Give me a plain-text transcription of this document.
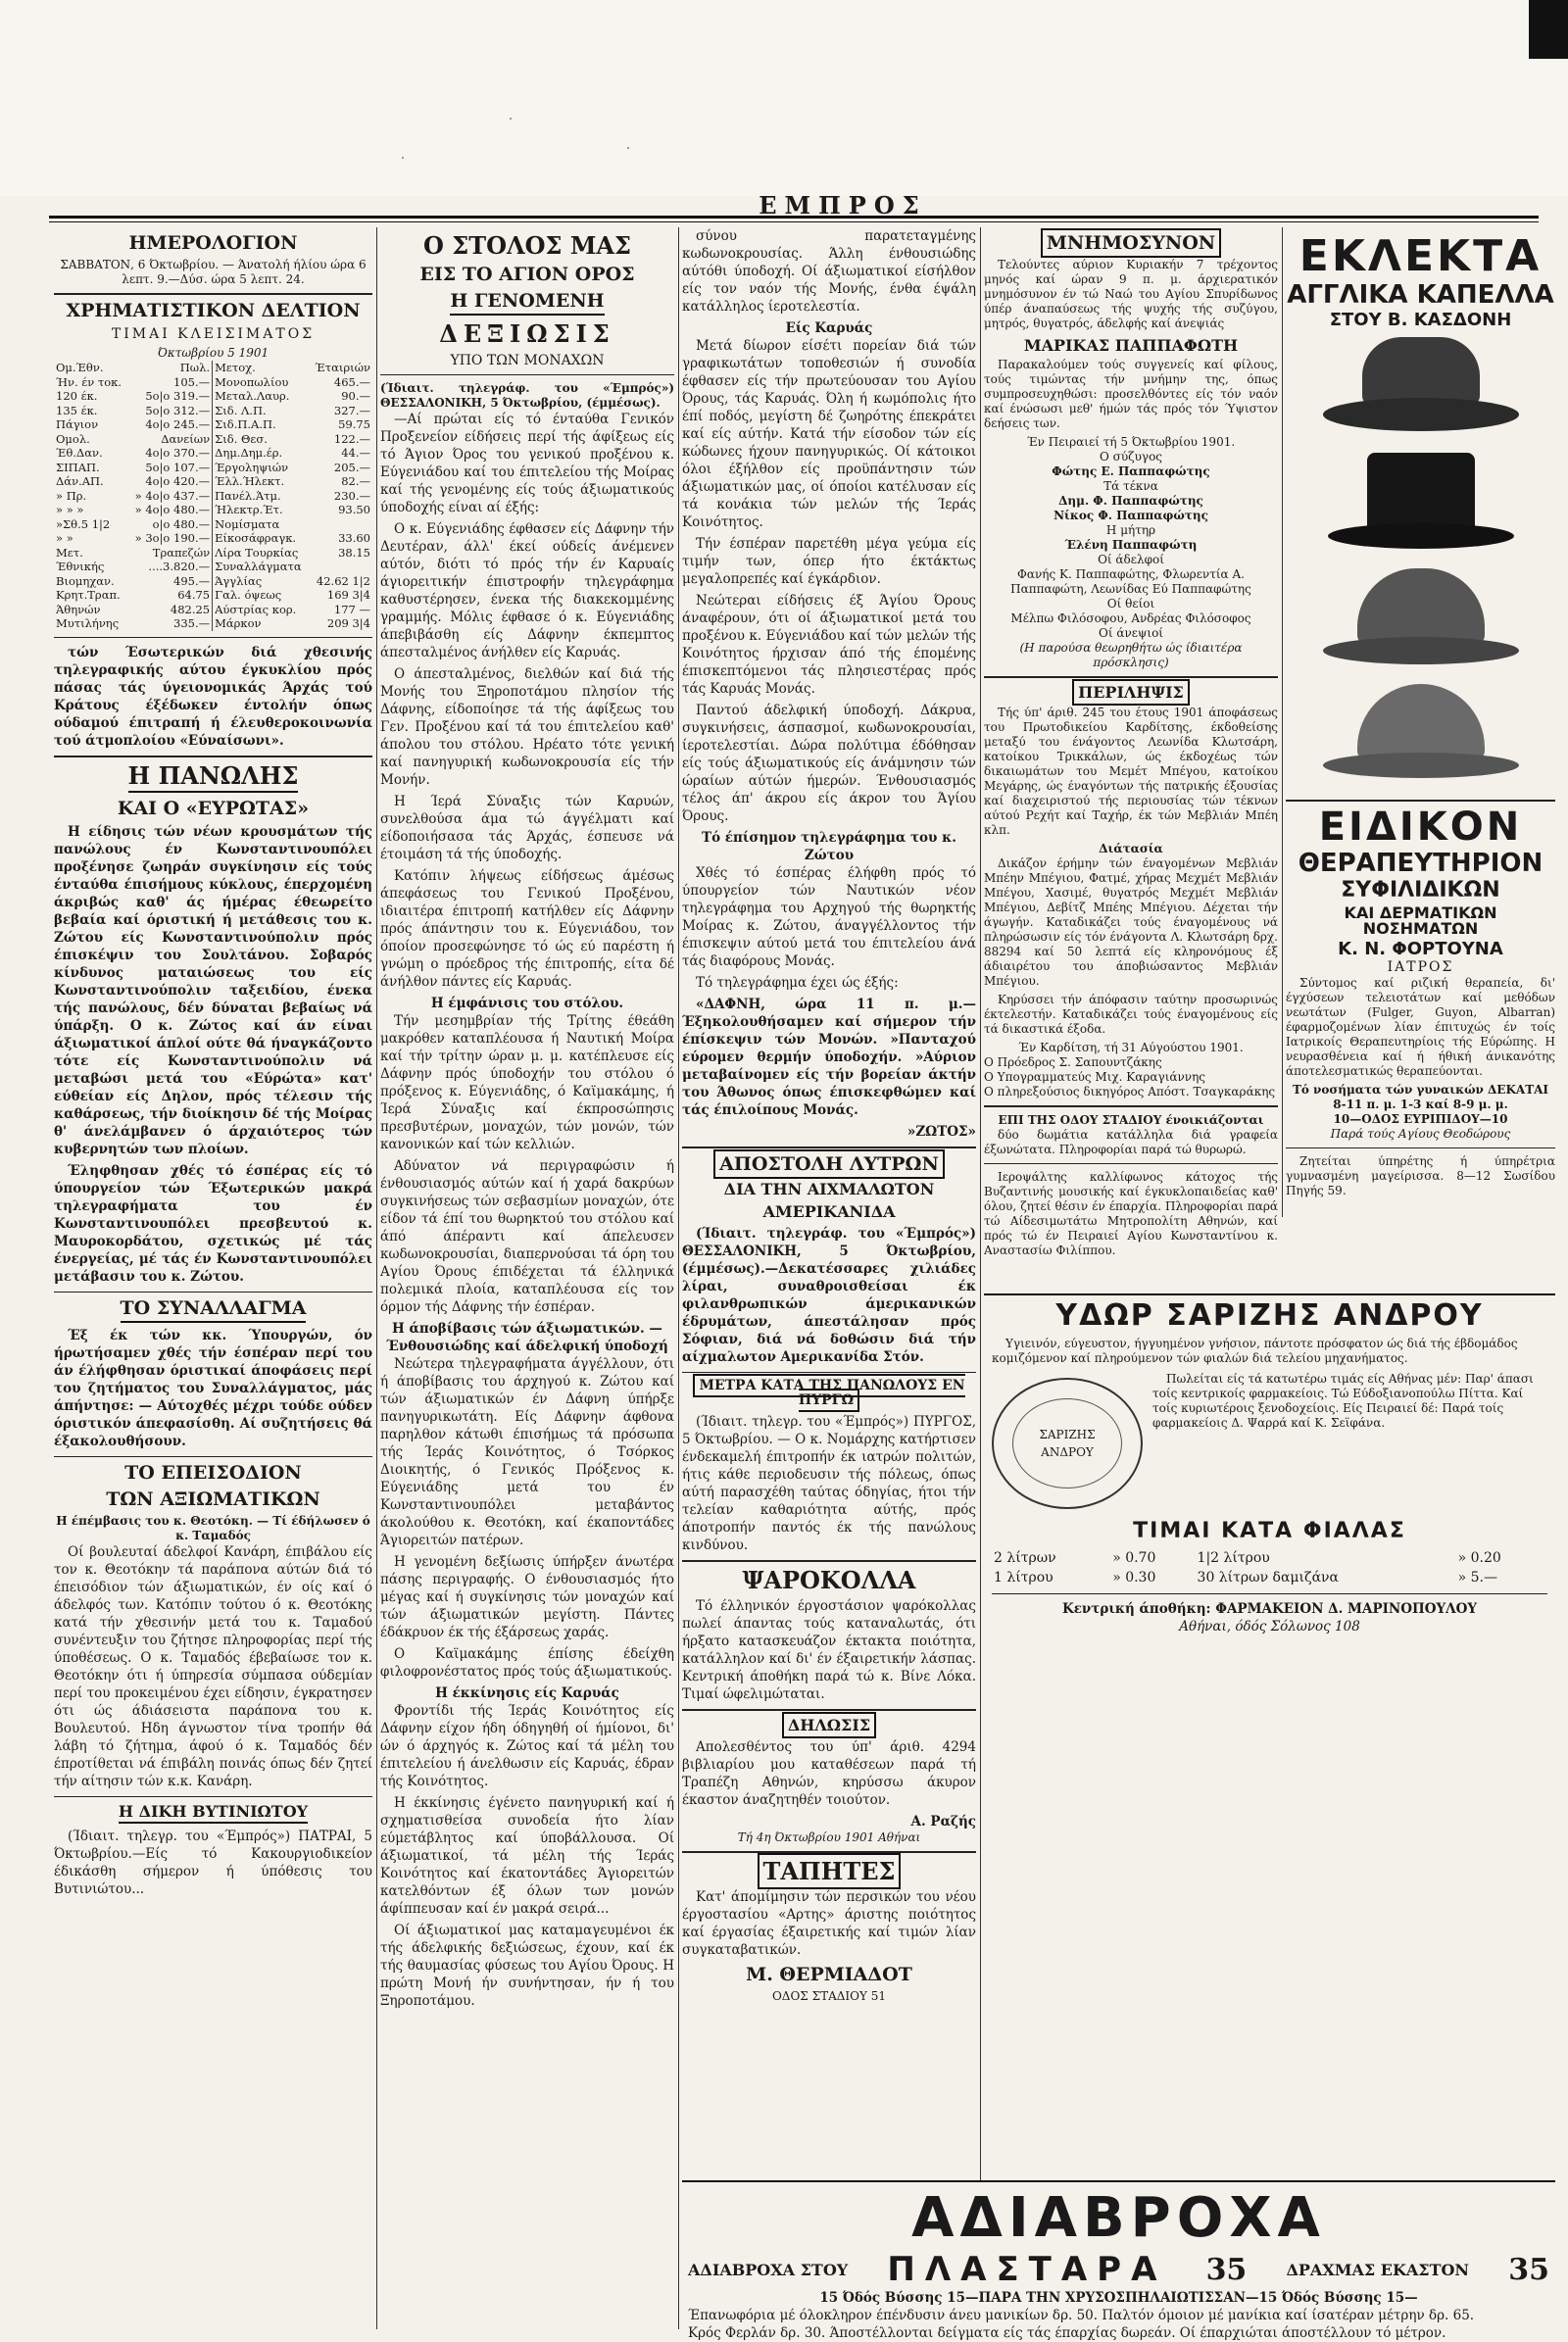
ΕΜΠΡΟΣ
ΗΜΕΡΟΛΟΓΙΟΝ
ΣΑΒΒΑΤΟΝ, 6 Όκτωβρίου. — Άνατολή ήλίου ώρα 6 λεπτ. 9.—Δύσ. ώρα 5 λεπτ. 24.
ΧΡΗΜΑΤΙΣΤΙΚΟΝ ΔΕΛΤΙΟΝ
ΤΙΜΑΙ ΚΛΕΙΣΙΜΑΤΟΣ
Όκτωβρίου 5 1901
Ομ.Έθν.	Πωλ.	Μετοχ.	Έταιριών
Ήν. έν τοκ.	105.—	Μονοπωλίου	465.—
120 έκ.	5ο|ο 319.—	Μεταλ.Λαυρ.	90.—
135 έκ.	5ο|ο 312.—	Σιδ. Λ.Π.	327.—
Πάγιον	4ο|ο 245.—	Σιδ.Π.Α.Π.	59.75
Ομολ.	Δανείων	Σιδ. Θεσ.	122.—
Έθ.Δαν.	4ο|ο 370.—	Δημ.Δημ.έρ.	44.—
ΣΙΠΑΠ.	5ο|ο 107.—	Έργοληψιών	205.—
Δάν.ΑΠ.	4ο|ο 420.—	Έλλ.Ήλεκτ.	82.—
» Πρ.	» 4ο|ο 437.—	Πανέλ.Άτμ.	230.—
» » »	» 4ο|ο 480.—	Ήλεκτρ.Έτ.	93.50
»Σθ.5 1|2	ο|ο 480.—	Νομίσματα	
» »	» 3ο|ο 190.—	Είκοσάφραγκ.	33.60
Μετ.	Τραπεζών	Λίρα Τουρκίας	38.15
Έθνικής	....3.820.—	Συναλλάγματα	
Βιομηχαν.	495.—	Άγγλίας	42.62 1|2
Κρητ.Τραπ.	64.75	Γαλ. όψεως	169 3|4
Άθηνών	482.25	Αύστρίας κορ.	177 —
Μυτιλήνης	335.—	Μάρκον	209 3|4

τών Έσωτερικών διά χθεσινής τηλεγραφικής αύτου έγκυκλίου πρός πάσας τάς ύγειονομικάς Άρχάς τού Κράτους έξέδωκεν έντολήν όπως ούδαμού έπιτραπή ή έλευθεροκοινωνία τού άτμοπλοίου «Εύναίσωνι».

Η ΠΑΝΩΛΗΣ
ΚΑΙ Ο «ΕΥΡΩΤΑΣ»

Η είδησις τών νέων κρουσμάτων τής πανώλους έν Κωνσταντινουπόλει προξένησε ζωηράν συγκίνησιν είς τούς ένταύθα έπισήμους κύκλους, έπερχομένη άκριβώς καθ' άς ήμέρας έθεωρείτο βεβαία καί όριστική ή μετάθεσις του κ. Ζώτου είς Κωνσταντινούπολιν πρός έπισκέψιν του Σουλτάνου. Σοβαρός κίνδυνος ματαιώσεως του είς Κωνσταντινούπολιν ταξειδίου, ένεκα τής πανώλους, δέν δύναται βεβαίως νά ύπάρξη. Ο κ. Ζώτος καί άν είναι άξιωματικοί άπλοί ούτε θά ήναγκάζοντο τότε είς Κωνσταντινούπολιν νά μεταβώσι μετά του «Εύρώτα» κατ' εύθείαν είς Δηλον, πρός τέλεσιν τής καθάρσεως, τήν διοίκησιν δέ τής Μοίρας θ' άνελάμβανεν ό άρχαιότερος τών κυβερνητών των πλοίων.

Έληφθησαν χθές τό έσπέρας είς τό ύπουργείον τών Έξωτερικών μακρά τηλεγραφήματα του έν Κωνσταντινουπόλει πρεσβευτού κ. Μαυροκορδάτου, σχετικώς μέ τάς ένεργείας, μέ τάς έν Κωνσταντινουπόλει μετάβασιν του κ. Ζώτου.

ΤΟ ΣΥΝΑΛΛΑΓΜΑ

Έξ έκ τών κκ. Ύπουργών, όν ήρωτήσαμεν χθές τήν έσπέραν περί του άν έλήφθησαν όριστικαί άποφάσεις περί του ζητήματος του Συναλλάγματος, μάς άπήντησε: — Αύτοχθές μέχρι τούδε ούδεν όριστικόν άπεφασίσθη. Αί συζητήσεις θά έξακολουθήσουν.

ΤΟ ΕΠΕΙΣΟΔΙΟΝ
ΤΩΝ ΑΞΙΩΜΑΤΙΚΩΝ
Η έπέμβασις του κ. Θεοτόκη. — Τί έδήλωσεν ό κ. Ταμαδός

Οί βουλευταί άδελφοί Κανάρη, έπιβάλου είς τον κ. Θεοτόκην τά παράπονα αύτών διά τό έπεισόδιον τών άξιωματικών, έν οίς καί ό άδελφός των. Κατόπιν τούτου ό κ. Θεοτόκης κατά τήν χθεσινήν μετά του κ. Ταμαδού συνέντευξιν του ζήτησε πληροφορίας περί τής ύποθέσεως. Ο κ. Ταμαδός έβεβαίωσε τον κ. Θεοτόκην ότι ή ύπηρεσία σύμπασα ούδεμίαν περί του προκειμένου έχει είδησιν, έγκρατησεν ότι ώς άδιάσειστα παράπονα του κ. Βουλευτού. Ηδη άγνωστον τίνα τροπήν θά λάβη τό ζήτημα, άφού ό κ. Ταμαδός δέν έπροτίθεται νά έπιβάλη ποινάς όπως δέν ζητεί τήν αίτησιν τών κ.κ. Κανάρη.

Η ΔΙΚΗ ΒΥΤΙΝΙΩΤΟΥ

(Ίδιαιτ. τηλεγρ. του «Έμπρός») ΠΑΤΡΑΙ, 5 Όκτωβρίου.—Είς τό Κακουργιοδικείον έδικάσθη σήμερον ή ύπόθεσις του Βυτινιώτου...

Ο ΣΤΟΛΟΣ ΜΑΣ
ΕΙΣ ΤΟ ΑΓΙΟΝ ΟΡΟΣ
Η ΓΕΝΟΜΕΝΗ
ΔΕΞΙΩΣΙΣ
ΥΠΟ ΤΩΝ ΜΟΝΑΧΩΝ
(Ίδιαιτ. τηλεγράφ. του «Έμπρός») ΘΕΣΣΑΛΟΝΙΚΗ, 5 Όκτωβρίου, (έμμέσως).

—Αί πρώται είς τό ένταύθα Γενικόν Προξενείον είδήσεις περί τής άφίξεως είς τό Άγιον Όρος του γενικού προξένου κ. Εύγενιάδου καί του έπιτελείου τής Μοίρας καί τής γενομένης είς τούς άξιωματικούς ύποδοχής είναι αί έξής:

Ο κ. Εύγενιάδης έφθασεν είς Δάφνην τήν Δευτέραν, άλλ' έκεί ούδείς άνέμενεν αύτόν, διότι τό πρός τήν έν Καρυαίς άγιορειτικήν έπιστροφήν τηλεγράφημα καθυστέρησεν, ένεκα τής διακεκομμένης γραμμής. Μόλις έφθασε ό κ. Εύγενιάδης άπεβιβάσθη είς Δάφνην έκπεμπτος άπεσταλμένος άνήλθεν είς Καρυάς.

Ο άπεσταλμένος, διελθών καί διά τής Μονής του Ξηροποτάμου πλησίον τής Δάφνης, είδοποίησε τά τής άφίξεως του Γεν. Προξένου καί τά του έπιτελείου καθ' άπολου του στόλου. Ηρέατο τότε γενική καί πανηγυρική κωδωνοκρουσία είς τήν Μονήν.

Η Ίερά Σύναξις τών Καρυών, συνελθούσα άμα τώ άγγέλματι καί είδοποιήσασα τάς Άρχάς, έσπευσε νά έτοιμάση τά τής ύποδοχής.

Κατόπιν λήψεως είδήσεως άμέσως άπεφάσεως του Γενικού Προξένου, ιδιαιτέρα έπιτροπή κατήλθεν είς Δάφνην πρός άπάντησιν του κ. Εύγενιάδου, τον όποίον προσεφώνησε τό ώς εύ παρέστη ή γνώμη ο πρόεδρος τής έπιτροπής, είτα δέ άνήλθον πάντες είς Καρυάς.

Η έμφάνισις του στόλου.

Τήν μεσημβρίαν τής Τρίτης έθεάθη μακρόθεν καταπλέουσα ή Ναυτική Μοίρα καί τήν τρίτην ώραν μ. μ. κατέπλευσε είς Δάφνην πρός ύποδοχήν του στόλου ό πρόξενος κ. Εύγενιάδης, ό Καϊμακάμης, ή Ίερά Σύναξις καί έκπροσώπησις πρεσβυτέρων, μοναχών, τών μονών, τών κανονικών καί τών κελλιών.

Αδύνατον νά περιγραφώσιν ή ένθουσιασμός αύτών καί ή χαρά δακρύων συγκινήσεως τών σεβασμίων μοναχών, ότε είδον τά έπί του θωρηκτού του στόλου καί άπό άπέραντι καί άπελευσεν κωδωνοκρουσίαι, διαπερνούσαι τά όρη του Αγίου Όρους έπιδέχεται τά έλληνικά πολεμικά πλοία, καταπλέουσα είς τον όρμον τής Δάφνης τήν έσπέραν.

Η άποβίβασις τών άξιωματικών. — Ένθουσιώδης καί άδελφική ύποδοχή

Νεώτερα τηλεγραφήματα άγγέλλουν, ότι ή άποβίβασις του άρχηγού κ. Ζώτου καί τών άξιωματικών έν Δάφνη ύπήρξε πανηγυρικωτάτη. Είς Δάφνην άφθονα παρηλθον κάτωθι έπισήμως τά πρόσωπα τής Ίεράς Κοινότητος, ό Τσόρκος Διοικητής, ό Γενικός Πρόξενος κ. Εύγενιάδης μετά του έν Κωνσταντινουπόλει μεταβάντος άκολούθου κ. Θεοτόκη, καί έκαποντάδες Άγιορειτών πατέρων.

Η γενομένη δεξίωσις ύπήρξεν άνωτέρα πάσης περιγραφής. Ο ένθουσιασμός ήτο μέγας καί ή συγκίνησις τών μοναχών καί τών άξιωματικών μεγίστη. Πάντες έδάκρυον έκ τής έξάρσεως χαράς.

Ο Καϊμακάμης έπίσης έδείχθη φιλοφρονέστατος πρός τούς άξιωματικούς.

Η έκκίνησις είς Καρυάς

Φροντίδι τής Ίεράς Κοινότητος είς Δάφνην είχον ήδη όδηγηθή οί ήμίονοι, δι' ών ό άρχηγός κ. Ζώτος καί τά μέλη του έπιτελείου ή άνελθωσιν είς Καρυάς, έδραν τής Κοινότητος.

Η έκκίνησις έγένετο πανηγυρική καί ή σχηματισθείσα συνοδεία ήτο λίαν εύμετάβλητος καί ύποβάλλουσα. Οί άξιωματικοί, τά μέλη τής Ίεράς Κοινότητος καί έκατοντάδες Άγιορειτών κατελθόντων έξ όλων των μονών άφίππευσαν καί έν μακρά σειρά...

Οί άξιωματικοί μας καταμαγευμένοι έκ τής άδελφικής δεξιώσεως, έχουν, καί έκ τής θαυμασίας φύσεως του Αγίου Όρους. Η πρώτη Μονή ήν συνήντησαν, ήν ή του Ξηροποτάμου.

σύνου παρατεταγμένης κωδωνοκρουσίας. Άλλη ένθουσιώδης αύτόθι ύποδοχή. Οί άξιωματικοί είσήλθον είς τον ναόν τής Μονής, ένθα έψάλη κατάλληλος ίεροτελεστία.

Είς Καρυάς

Μετά δίωρον είσέτι πορείαν διά τών γραφικωτάτων τοποθεσιών ή συνοδία έφθασεν είς τήν πρωτεύουσαν του Αγίου Όρους, τάς Καρυάς. Όλη ή κωμόπολις ήτο έπί ποδός, μεγίστη δέ ζωηρότης έπεκράτει καί είς αύτήν. Κατά τήν είσοδον τών είς κώδωνες ήχουν πανηγυρικώς. Οί κάτοικοι όλοι έξήλθον είς προϋπάντησιν τών άξιωματικών μας, οί όποίοι κατέλυσαν είς τά κονάκια τών μελών τής Ίεράς Κοινότητος.

Τήν έσπέραν παρετέθη μέγα γεύμα είς τιμήν των, όπερ ήτο έκτάκτως μεγαλοπρεπές καί έγκάρδιον.

Νεώτεραι είδήσεις έξ Άγίου Όρους άναφέρουν, ότι οί άξιωματικοί μετά του προξένου κ. Εύγενιάδου καί τών μελών τής Κοινότητος ήρχισαν άπό τής έπομένης έπισκεπτόμενοι τάς πλησιεστέρας πρός τάς Καρυάς Μονάς.

Παντού άδελφική ύποδοχή. Δάκρυα, συγκινήσεις, άσπασμοί, κωδωνοκρουσίαι, ίεροτελεστίαι. Δώρα πολύτιμα έδόθησαν είς τούς άξιωματικούς είς άνάμνησιν τών ώραίων αύτών ήμερών. Ένθουσιασμός τέλος άπ' άκρου είς άκρον του Άγίου Όρους.

Τό έπίσημον τηλεγράφημα του κ. Ζώτου

Χθές τό έσπέρας έλήφθη πρός τό ύπουργείον τών Ναυτικών νέον τηλεγράφημα του Αρχηγού τής θωρηκτής Μοίρας κ. Ζώτου, άναγγέλλοντος τήν έπισκεψιν αύτού μετά του έπιτελείου άνά τάς διαφόρους Μονάς.

Τό τηλεγράφημα έχει ώς έξής:

«ΔΑΦΝΗ, ώρα 11 π. μ.— Έξηκολουθήσαμεν καί σήμερον τήν έπίσκεψιν τών Μονών. »Πανταχού εύρομεν θερμήν ύποδοχήν. »Αύριον μεταβαίνομεν είς τήν βορείαν άκτήν του Άθωνος όπως έπισκεφθώμεν καί τάς έπιλοίπους Μονάς.

»ΖΩΤΟΣ»
ΑΠΟΣΤΟΛΗ ΛΥΤΡΩΝ
ΔΙΑ ΤΗΝ ΑΙΧΜΑΛΩΤΟΝ
ΑΜΕΡΙΚΑΝΙΔΑ

(Ίδιαιτ. τηλεγράφ. του «Έμπρός») ΘΕΣΣΑΛΟΝΙΚΗ, 5 Όκτωβρίου, (έμμέσως).—Δεκατέσσαρες χιλιάδες λίραι, συναθροισθείσαι έκ φιλανθρωπικών άμερικανικών έδρυμάτων, άπεστάλησαν πρός Σόφιαν, διά νά δοθώσιν διά τήν αίχμαλωτον Αμερικανίδα Στόν.

ΜΕΤΡΑ ΚΑΤΑ ΤΗΣ ΠΑΝΩΛΟΥΣ ΕΝ ΠΥΡΓΩ

(Ίδιαιτ. τηλεγρ. του «Έμπρός») ΠΥΡΓΟΣ, 5 Όκτωβρίου. — Ο κ. Νομάρχης κατήρτισεν ένδεκαμελή έπιτροπήν έκ ιατρών πολιτών, ήτις κάθε περιοδευσιν τής πόλεως, όπως αύτή παρασχέθη ταύτας όδηγίας, ήτοι τήν τελείαν καθαριότητα αύτής, πρός άποτροπήν παντός έκ τής πανώλους κινδύνου.

ΨΑΡΟΚΟΛΛΑ

Τό έλληνικόν έργοστάσιον ψαρόκολλας πωλεί άπαντας τούς καταναλωτάς, ότι ήρξατο κατασκευάζον έκτακτα ποιότητα, κατάλληλον καί δι' έν έξαιρετικήν λάσπας. Κεντρική άποθήκη παρά τώ κ. Βίνε Λόκα. Τιμαί ώφελιμώταται.

ΔΗΛΩΣΙΣ

Απολεσθέντος του ύπ' άριθ. 4294 βιβλιαρίου μου καταθέσεων παρά τή Τραπέζη Αθηνών, κηρύσσω άκυρον έκαστον άναζητηθέν τοιούτον.

Α. Ραζής
Τή 4η Όκτωβρίου 1901 Αθήναι
ΤΑΠΗΤΕΣ

Κατ' άπομίμησιν τών περσικών του νέου έργοστασίου «Αρτης» άριστης ποιότητος καί έργασίας έξαιρετικής καί τιμών λίαν συγκαταβατικών.

Μ. ΘΕΡΜΙΑΔΟΤ
ΟΔΟΣ ΣΤΑΔΙΟΥ 51
ΜΝΗΜΟΣΥΝΟΝ

Τελούντες αύριον Κυριακήν 7 τρέχοντος μηνός καί ώραν 9 π. μ. άρχιερατικόν μνημόσυνον έν τώ Ναώ του Αγίου Σπυρίδωνος ύπέρ άναπαύσεως τής ψυχής τής συζύγου, μητρός, θυγατρός, άδελφής καί άνεψιάς

ΜΑΡΙΚΑΣ ΠΑΠΠΑΦΩΤΗ

Παρακαλούμεν τούς συγγενείς καί φίλους, τούς τιμώντας τήν μνήμην της, όπως συμπροσευχηθώσι: προσελθόντες είς τόν ναόν καί ένώσωσι μεθ' ήμών τάς πρός τόν Ύψιστον δεήσεις των.

Έν Πειραιεί τή 5 Όκτωβρίου 1901.
Ο σύζυγος
Φώτης Ε. Παππαφώτης
Τά τέκνα
Δημ. Φ. Παππαφώτης
Νίκος Φ. Παππαφώτης
Η μήτηρ
Έλένη Παππαφώτη
Οί άδελφοί
Φανής Κ. Παππαφώτης, Φλωρεντία Α. Παππαφώτη, Λεωνίδας Εύ Παππαφώτης
Οί θείοι
Μέλπω Φιλόσοφου, Ανδρέας Φιλόσοφος
Οί άνεψιοί
(Η παρούσα θεωρηθήτω ώς ίδιαιτέρα πρόσκλησις)
ΠΕΡΙΛΗΨΙΣ

Τής ύπ' άριθ. 245 του έτους 1901 άποφάσεως του Πρωτοδικείου Καρδίτσης, έκδοθείσης μεταξύ του ένάγοντος Λεωνίδα Κλωτσάρη, κατοίκου Τρικκάλων, ώς έκδοχέως τών δικαιωμάτων του Μεμέτ Μπέγου, κατοίκου Μεγάρης, ώς έναγόντων τής πατρικής έξουσίας καί διαχειριστού τής περιουσίας τών τέκνων αύτού Ρεχήτ καί Ταχήρ, έκ τών Μεβλιάν Μπέη κλπ.

Διάτασία

Δικάζον έρήμην τών έναγομένων Μεβλιάν Μπέην Μπέγιου, Φατμέ, χήρας Μεχμέτ Μεβλιάν Μπέγου, Χασιμέ, θυγατρός Μεχμέτ Μεβλιάν Μπέγιου, Δεβίτζ Μπέης Μπέγιου. Δέχεται τήν άγωγήν. Καταδικάζει τούς έναγομένους νά πληρώσωσιν είς τόν ένάγοντα Λ. Κλωτσάρη δρχ. 88294 καί 50 λεπτά είς κληρονόμους έξ άδιαιρέτου του άποβιώσαντος Μεβλιάν Μπέγιου.

Κηρύσσει τήν άπόφασιν ταύτην προσωρινώς έκτελεστήν. Καταδικάζει τούς έναγομένους είς τά δικαστικά έξοδα.

Έν Καρδίτση, τή 31 Αύγούστου 1901.
Ο Πρόεδρος Σ. Σαπουντζάκης
Ο Υπογραμματεύς Μιχ. Καραγιάννης
Ο πληρεξούσιος δικηγόρος Απόστ. Τσαγκαράκης
ΕΠΙ ΤΗΣ ΟΔΟΥ ΣΤΑΔΙΟΥ ένοικιάζονται

δύο δωμάτια κατάλληλα διά γραφεία έξωνώτατα. Πληροφορίαι παρά τώ θυρωρώ.

Ιεροψάλτης καλλίφωνος κάτοχος τής Βυζαντινής μουσικής καί έγκυκλοπαιδείας καθ' όλου, ζητεί θέσιν έν έπαρχία. Πληροφορίαι παρά τώ Αίδεσιμωτάτω Μητροπολίτη Αθηνών, καί πρός τώ έν Πειραιεί Αγίου Κωνσταντίνου κ. Αναστασίω Φιλίππου.

ΕΚΛΕΚΤΑ
ΑΓΓΛΙΚΑ ΚΑΠΕΛΛΑ
ΣΤΟΥ Β. ΚΑΣΔΟΝΗ
ΕΙΔΙΚΟΝ
ΘΕΡΑΠΕΥΤΗΡΙΟΝ
ΣΥΦΙΛΙΔΙΚΩΝ
ΚΑΙ ΔΕΡΜΑΤΙΚΩΝ ΝΟΣΗΜΑΤΩΝ
Κ. Ν. ΦΟΡΤΟΥΝΑ
ΙΑΤΡΟΣ

Σύντομος καί ριζική θεραπεία, δι' έγχύσεων τελειοτάτων καί μεθόδων νεωτάτων (Fulger, Guyon, Albarran) έφαρμοζομένων λίαν έπιτυχώς έν τοίς Ιατρικοίς Θεραπευτηρίοις τής Εύρώπης. Η νευρασθένεια καί ή ήθική άνικανότης άποτελεσματικώς θεραπεύονται.

Τό νοσήματα τών γυναικών ΔΕΚΑΤΑΙ 8-11 π. μ. 1-3 καί 8-9 μ. μ.
10—ΟΔΟΣ ΕΥΡΙΠΙΔΟΥ—10
Παρά τούς Αγίους Θεοδώρους

Ζητείται ύπηρέτης ή ύπηρέτρια γυμνασμένη μαγείρισσα. 8—12 Σωσίδου Πηγής 59.

ΥΔΩΡ ΣΑΡΙΖΗΣ ΑΝΔΡΟΥ

Υγιεινόν, εύγευστον, ήγγυημένον γνήσιον, πάντοτε πρόσφατον ώς διά τής έβδομάδος κομιζόμενον καί πληρούμενον τών φιαλών διά τελείου μηχανήματος.

ΣΑΡΙΖΗΣ ΑΝΔΡΟΥ

Πωλείται είς τά κατωτέρω τιμάς είς Αθήνας μέν: Παρ' άπασι τοίς κεντρικοίς φαρμακείοις. Τώ Εύδοξιανοπούλω Πίττα. Καί τοίς κυριωτέροις ξενοδοχείοις. Είς Πειραιεί δέ: Παρά τοίς φαρμακείοις Δ. Ψαρρά καί Κ. Σεϊφάνα.

ΤΙΜΑΙ ΚΑΤΑ ΦΙΑΛΑΣ
2 λίτρων	» 0.70	1|2 λίτρου	» 0.20
1 λίτρου	» 0.30	30 λίτρων δαμιζάνα	» 5.—
Κεντρική άποθήκη: ΦΑΡΜΑΚΕΙΟΝ Δ. ΜΑΡΙΝΟΠΟΥΛΟΥ
Αθήναι, όδός Σόλωνος 108
ΑΔΙΑΒΡΟΧΑ
ΑΔΙΑΒΡΟΧΑ ΣΤΟΥ ΠΛΑΣΤΑΡΑ 35	ΔΡΑΧΜΑΣ ΕΚΑΣΤΟΝ 35
15 Όδός Βύσσης 15—ΠΑΡΑ ΤΗΝ ΧΡΥΣΟΣΠΗΛΑΙΩΤΙΣΣΑΝ—15 Όδός Βύσσης 15—
Έπανωφόρια μέ όλοκληρον έπένδυσιν άνευ μανικίων δρ. 50. Παλτόν όμοιον μέ μανίκια καί ίσατέραν μέτρην δρ. 65.
Κρός Φερλάν δρ. 30. Άποστέλλονται δείγματα είς τάς έπαρχίας δωρεάν. Οί έπαρχιώται άποστέλλουν τό μέτρον.
